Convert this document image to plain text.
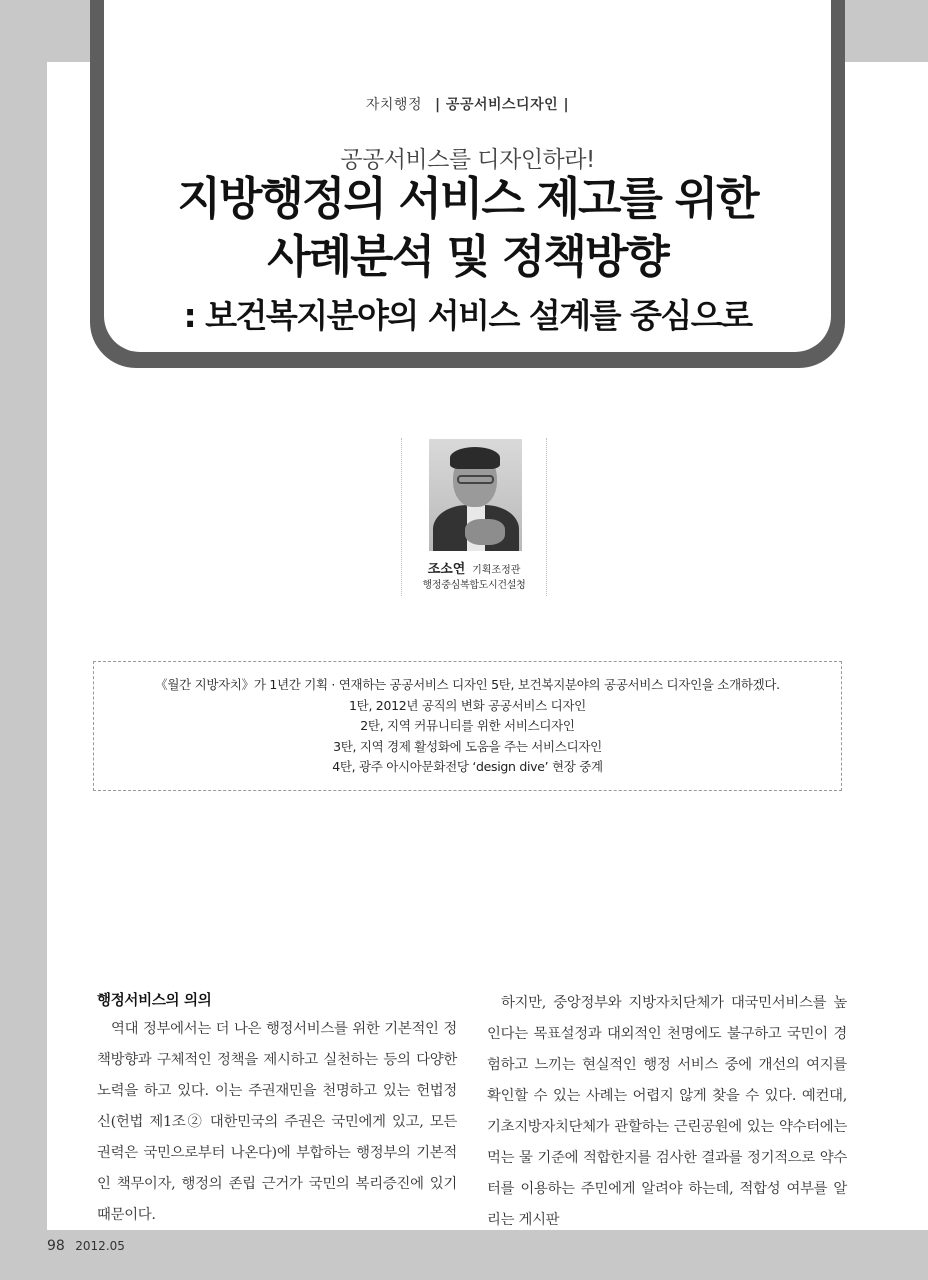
자치행정 | 공공서비스디자인 |
공공서비스를 디자인하라!
지방행정의 서비스 제고를 위한
사례분석 및 정책방향
: 보건복지분야의 서비스 설계를 중심으로
조소연 기획조정관
행정중심복합도시건설청
《월간 지방자치》가 1년간 기획 · 연재하는 공공서비스 디자인 5탄, 보건복지분야의 공공서비스 디자인을 소개하겠다.
1탄, 2012년 공직의 변화 공공서비스 디자인
2탄, 지역 커뮤니티를 위한 서비스디자인
3탄, 지역 경제 활성화에 도움을 주는 서비스디자인
4탄, 광주 아시아문화전당 ‘design dive’ 현장 중계
행정서비스의 의의

역대 정부에서는 더 나은 행정서비스를 위한 기본적인 정책방향과 구체적인 정책을 제시하고 실천하는 등의 다양한 노력을 하고 있다. 이는 주권재민을 천명하고 있는 헌법정신(헌법 제1조② 대한민국의 주권은 국민에게 있고, 모든 권력은 국민으로부터 나온다)에 부합하는 행정부의 기본적인 책무이자, 행정의 존립 근거가 국민의 복리증진에 있기 때문이다.

하지만, 중앙정부와 지방자치단체가 대국민서비스를 높인다는 목표설정과 대외적인 천명에도 불구하고 국민이 경험하고 느끼는 현실적인 행정 서비스 중에 개선의 여지를 확인할 수 있는 사례는 어렵지 않게 찾을 수 있다. 예컨대, 기초지방자치단체가 관할하는 근린공원에 있는 약수터에는 먹는 물 기준에 적합한지를 검사한 결과를 정기적으로 약수터를 이용하는 주민에게 알려야 하는데, 적합성 여부를 알리는 게시판

98 2012.05
